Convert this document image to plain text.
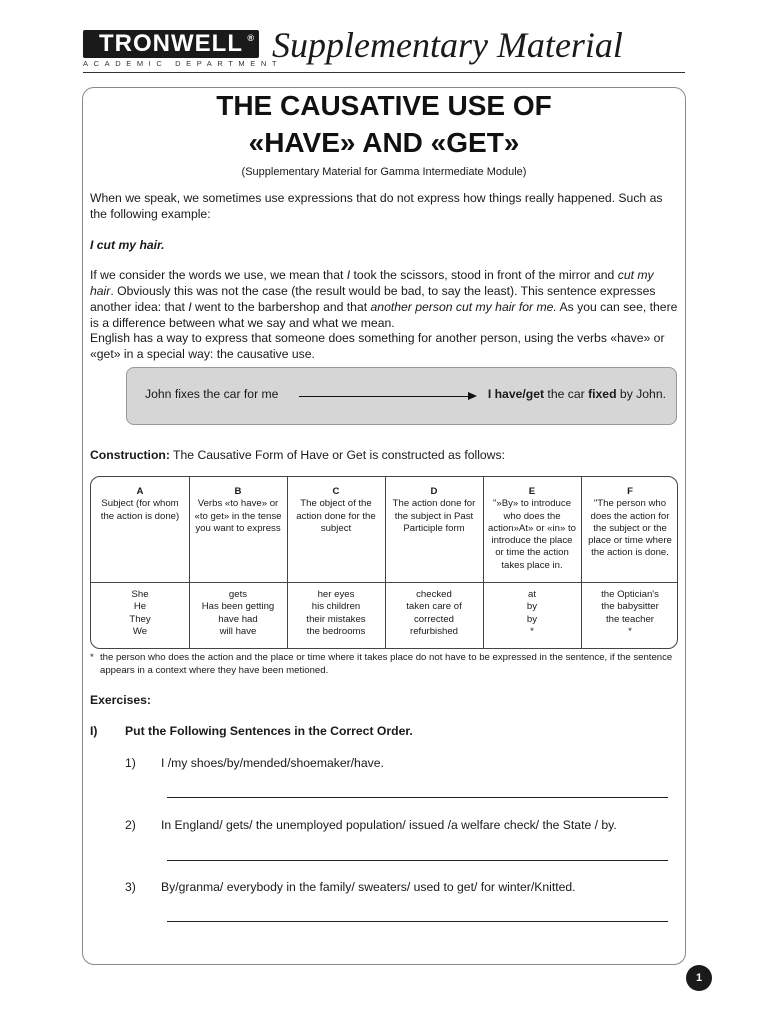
TRONWELL ®
ACADEMIC DEPARTMENT
Supplementary Material
THE CAUSATIVE USE OF
«HAVE» AND «GET»
(Supplementary Material for Gamma Intermediate Module)
When we speak, we sometimes use expressions that do not express how things really happened. Such as the following example:
I cut my hair.
If we consider the words we use, we mean that I took the scissors, stood in front of the mirror and cut my hair. Obviously this was not the case (the result would be bad, to say the least). This sentence expresses another idea: that I went to the barbershop and that another person cut my hair for me. As you can see, there is a difference between what we say and what we mean.
English has a way to express that someone does something for another person, using the verbs «have» or «get» in a special way: the causative use.
John fixes the car for me	I have/get the car fixed by John.
Construction: The Causative Form of Have or Get is constructed as follows:
A
Subject (for whom
the action is done)
B
Verbs «to have» or
«to get» in the tense
you want to express
C
The object of the
action done for the
subject
D
The action done for
the subject in Past
Participle form
E
"»By» to introduce
who does the
action»At» or «in» to
introduce the place
or time the action
takes place in.
F
"The person who
does the action for
the subject or the
place or time where
the action is done.
She
He
They
We
gets
Has been getting
have had
will have
her eyes
his children
their mistakes
the bedrooms
checked
taken care of
corrected
refurbished
at
by
by
*
the Optician's
the babysitter
the teacher
*
* the person who does the action and the place or time where it takes place do not have to be expressed in the sentence, if the sentence appears in a context where they have been metioned.
Exercises:
I) Put the Following Sentences in the Correct Order.
1) I /my shoes/by/mended/shoemaker/have.
2) In England/ gets/ the unemployed population/ issued /a welfare check/ the State / by.
3) By/granma/ everybody in the family/ sweaters/ used to get/ for winter/Knitted.
1
